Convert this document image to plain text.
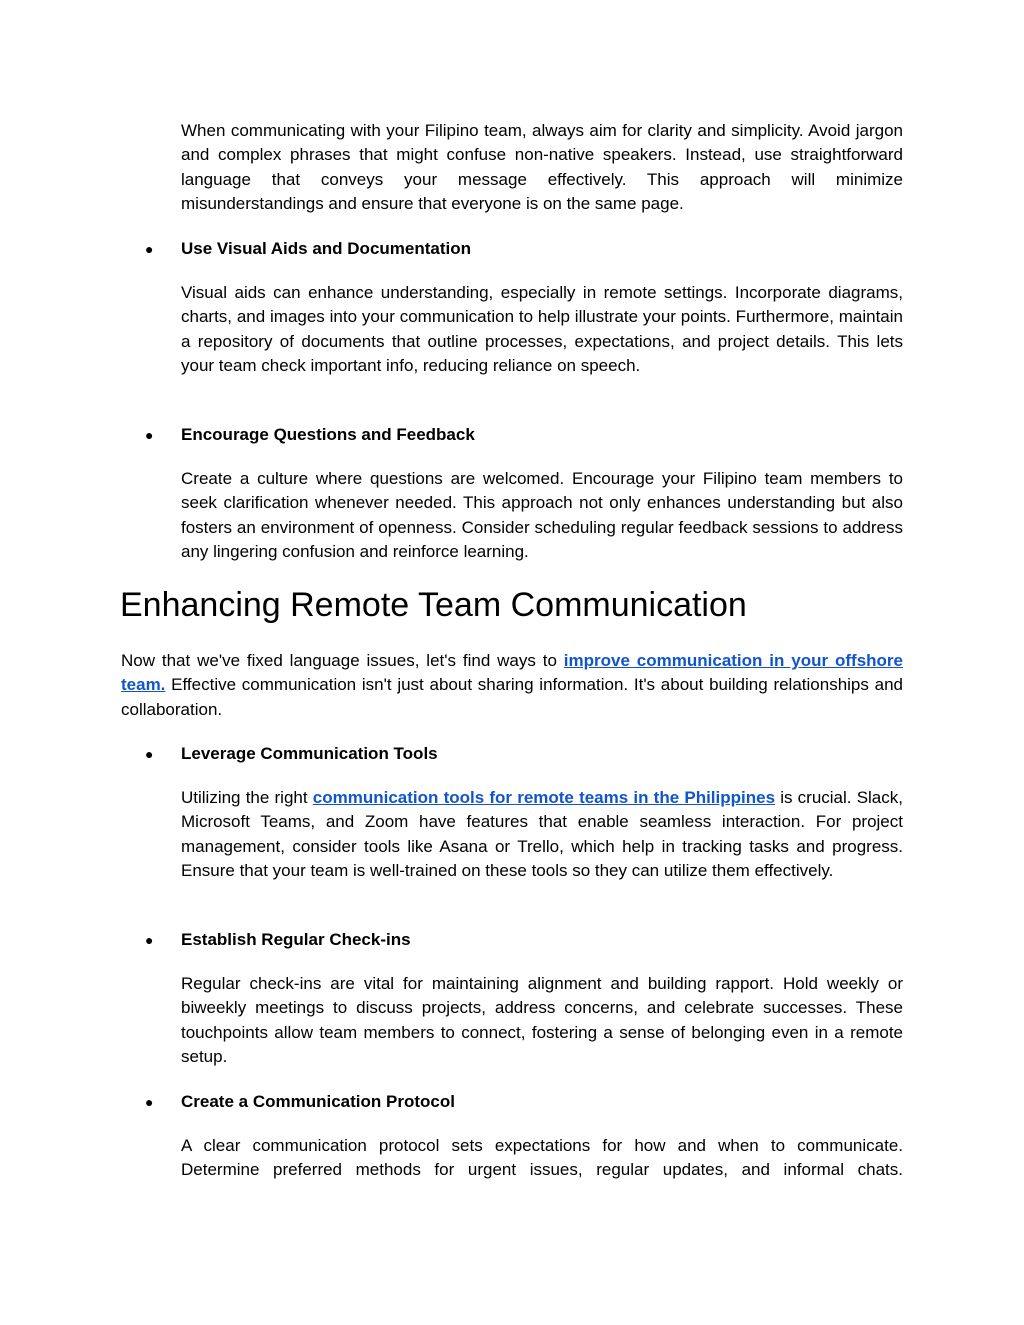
When communicating with your Filipino team, always aim for clarity and simplicity. Avoid jargon and complex phrases that might confuse non-native speakers. Instead, use straightforward language that conveys your message effectively. This approach will minimize misunderstandings and ensure that everyone is on the same page.

●	Use Visual Aids and Documentation

Visual aids can enhance understanding, especially in remote settings. Incorporate diagrams, charts, and images into your communication to help illustrate your points. Furthermore, maintain a repository of documents that outline processes, expectations, and project details. This lets your team check important info, reducing reliance on speech.

●	Encourage Questions and Feedback

Create a culture where questions are welcomed. Encourage your Filipino team members to seek clarification whenever needed. This approach not only enhances understanding but also fosters an environment of openness. Consider scheduling regular feedback sessions to address any lingering confusion and reinforce learning.

Enhancing Remote Team Communication

Now that we've fixed language issues, let's find ways to improve communication in your offshore team. Effective communication isn't just about sharing information. It's about building relationships and collaboration.

●	Leverage Communication Tools

Utilizing the right communication tools for remote teams in the Philippines is crucial. Slack, Microsoft Teams, and Zoom have features that enable seamless interaction. For project management, consider tools like Asana or Trello, which help in tracking tasks and progress. Ensure that your team is well-trained on these tools so they can utilize them effectively.

●	Establish Regular Check-ins

Regular check-ins are vital for maintaining alignment and building rapport. Hold weekly or biweekly meetings to discuss projects, address concerns, and celebrate successes. These touchpoints allow team members to connect, fostering a sense of belonging even in a remote setup.

●	Create a Communication Protocol

A clear communication protocol sets expectations for how and when to communicate. Determine preferred methods for urgent issues, regular updates, and informal chats.
